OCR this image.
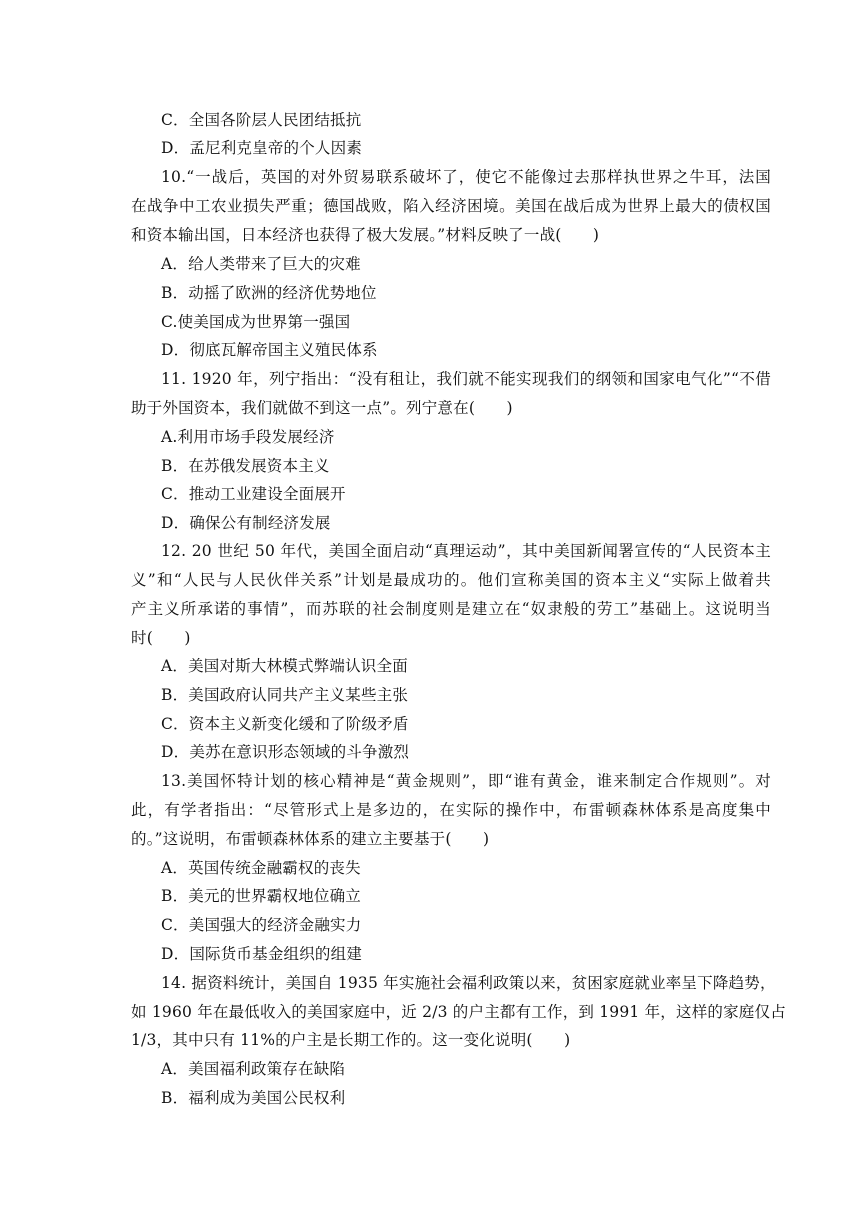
C．全国各阶层人民团结抵抗
D．孟尼利克皇帝的个人因素
10.“一战后，英国的对外贸易联系破坏了，使它不能像过去那样执世界之牛耳，法国
在战争中工农业损失严重；德国战败，陷入经济困境。美国在战后成为世界上最大的债权国
和资本输出国，日本经济也获得了极大发展。”材料反映了一战(　　)
A．给人类带来了巨大的灾难
B．动摇了欧洲的经济优势地位
C.使美国成为世界第一强国
D．彻底瓦解帝国主义殖民体系
11. 1920 年，列宁指出：“没有租让，我们就不能实现我们的纲领和国家电气化”“不借
助于外国资本，我们就做不到这一点”。列宁意在(　　)
A.利用市场手段发展经济
B．在苏俄发展资本主义
C．推动工业建设全面展开
D．确保公有制经济发展
12. 20 世纪 50 年代，美国全面启动“真理运动”，其中美国新闻署宣传的“人民资本主
义”和“人民与人民伙伴关系”计划是最成功的。他们宣称美国的资本主义“实际上做着共
产主义所承诺的事情”，而苏联的社会制度则是建立在“奴隶般的劳工”基础上。这说明当
时(　　)
A．美国对斯大林模式弊端认识全面
B．美国政府认同共产主义某些主张
C．资本主义新变化缓和了阶级矛盾
D．美苏在意识形态领域的斗争激烈
13.美国怀特计划的核心精神是“黄金规则”，即“谁有黄金，谁来制定合作规则”。对
此，有学者指出：“尽管形式上是多边的，在实际的操作中，布雷顿森林体系是高度集中
的。”这说明，布雷顿森林体系的建立主要基于(　　)
A．英国传统金融霸权的丧失
B．美元的世界霸权地位确立
C．美国强大的经济金融实力
D．国际货币基金组织的组建
14. 据资料统计，美国自 1935 年实施社会福利政策以来，贫困家庭就业率呈下降趋势，
如 1960 年在最低收入的美国家庭中，近 2/3 的户主都有工作，到 1991 年，这样的家庭仅占
1/3，其中只有 11%的户主是长期工作的。这一变化说明(　　)
A．美国福利政策存在缺陷
B．福利成为美国公民权利
